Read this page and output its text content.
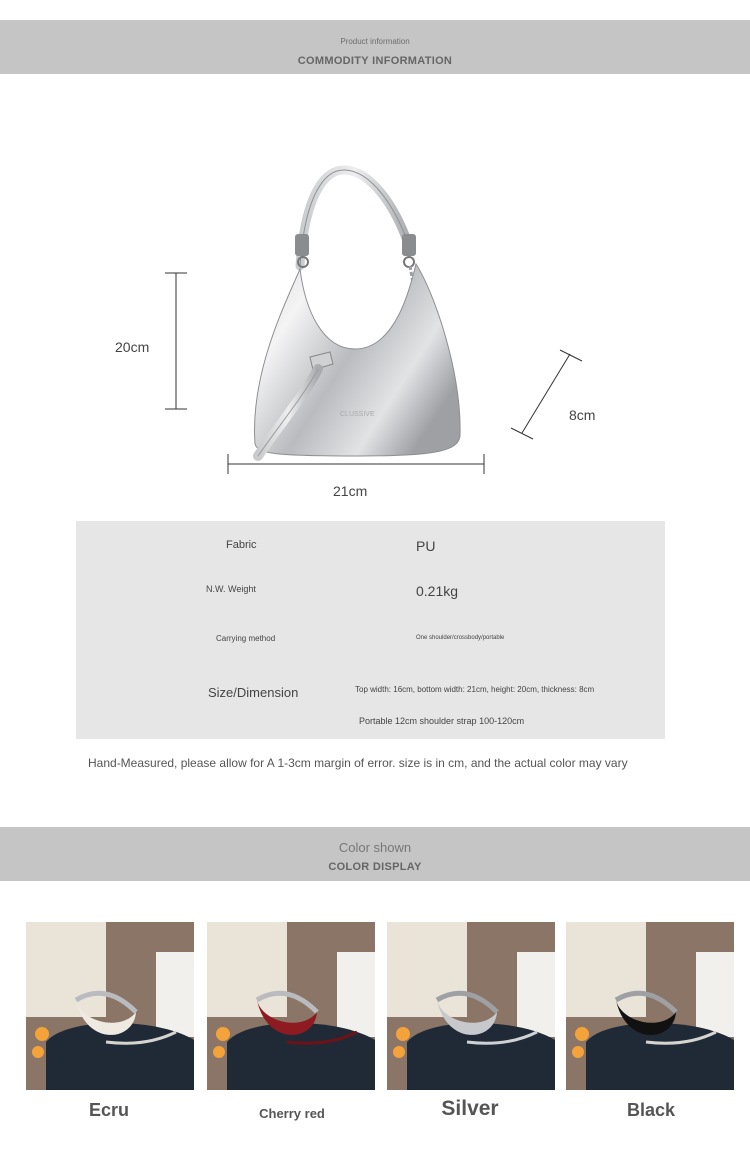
Product information
COMMODITY INFORMATION
CLUSSIVE
20cm
21cm
8cm
Fabric	PU
N.W. Weight	0.21kg
Carrying method	One shoulder/crossbody/portable
Size/Dimension	Top width: 16cm, bottom width: 21cm, height: 20cm, thickness: 8cm
Portable 12cm shoulder strap 100-120cm
Hand-Measured, please allow for A 1-3cm margin of error. size is in cm, and the actual color may vary
Color shown
COLOR DISPLAY
Ecru	Cherry red	Silver	Black
